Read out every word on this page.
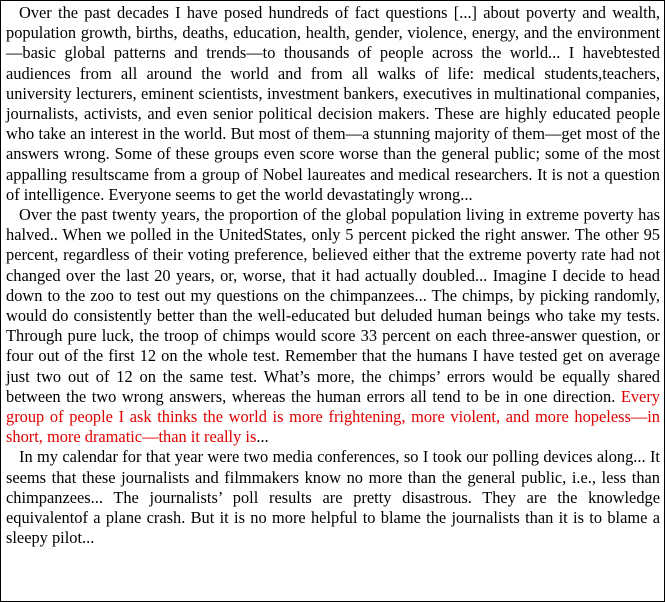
Over the past decades I have posed hundreds of fact questions [...] about poverty and wealth, population growth, births, deaths, education, health, gender, violence, energy, and the environment—basic global patterns and trends—to thousands of people across the world... I havebtested audiences from all around the world and from all walks of life: medical students,teachers, university lecturers, eminent scientists, investment bankers, executives in multinational companies, journalists, activists, and even senior political decision makers. These are highly educated people who take an interest in the world. But most of them—a stunning majority of them—get most of the answers wrong. Some of these groups even score worse than the general public; some of the most appalling resultscame from a group of Nobel laureates and medical researchers. It is not a question of intelligence. Everyone seems to get the world devastatingly wrong...

Over the past twenty years, the proportion of the global population living in extreme poverty has halved.. When we polled in the UnitedStates, only 5 percent picked the right answer. The other 95 percent, regardless of their voting preference, believed either that the extreme poverty rate had not changed over the last 20 years, or, worse, that it had actually doubled... Imagine I decide to head down to the zoo to test out my questions on the chimpanzees... The chimps, by picking randomly, would do consistently better than the well-educated but deluded human beings who take my tests. Through pure luck, the troop of chimps would score 33 percent on each three-answer question, or four out of the first 12 on the whole test. Remember that the humans I have tested get on average just two out of 12 on the same test. What’s more, the chimps’ errors would be equally shared between the two wrong answers, whereas the human errors all tend to be in one direction. Every group of people I ask thinks the world is more frightening, more violent, and more hopeless—in short, more dramatic—than it really is...

In my calendar for that year were two media conferences, so I took our polling devices along... It seems that these journalists and filmmakers know no more than the general public, i.e., less than chimpanzees... The journalists’ poll results are pretty disastrous. They are the knowledge equivalentof a plane crash. But it is no more helpful to blame the journalists than it is to blame a sleepy pilot...
